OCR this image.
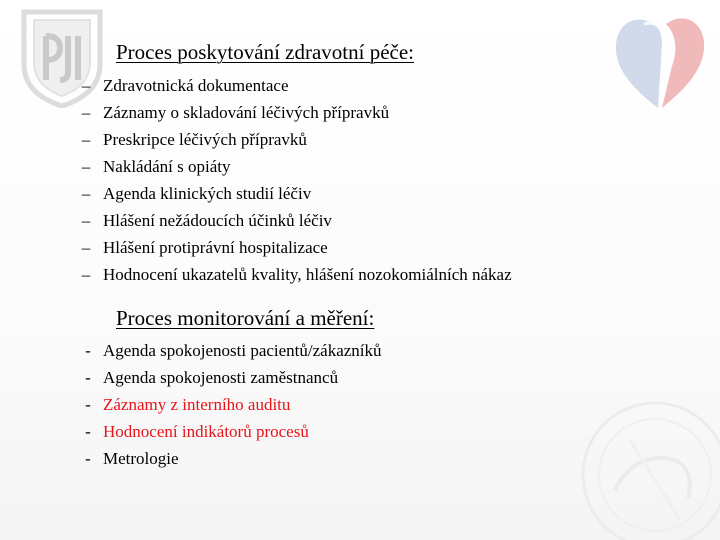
Proces poskytování zdravotní péče:
– Zdravotnická dokumentace
– Záznamy o skladování léčivých přípravků
– Preskripce léčivých přípravků
– Nakládání s opiáty
– Agenda klinických studií léčiv
– Hlášení nežádoucích účinků léčiv
– Hlášení protiprávní hospitalizace
– Hodnocení ukazatelů kvality, hlášení nozokomiálních nákaz
Proces monitorování a měření:
- Agenda spokojenosti pacientů/zákazníků
- Agenda spokojenosti zaměstnanců
- Záznamy z interního auditu
- Hodnocení indikátorů procesů
- Metrologie
